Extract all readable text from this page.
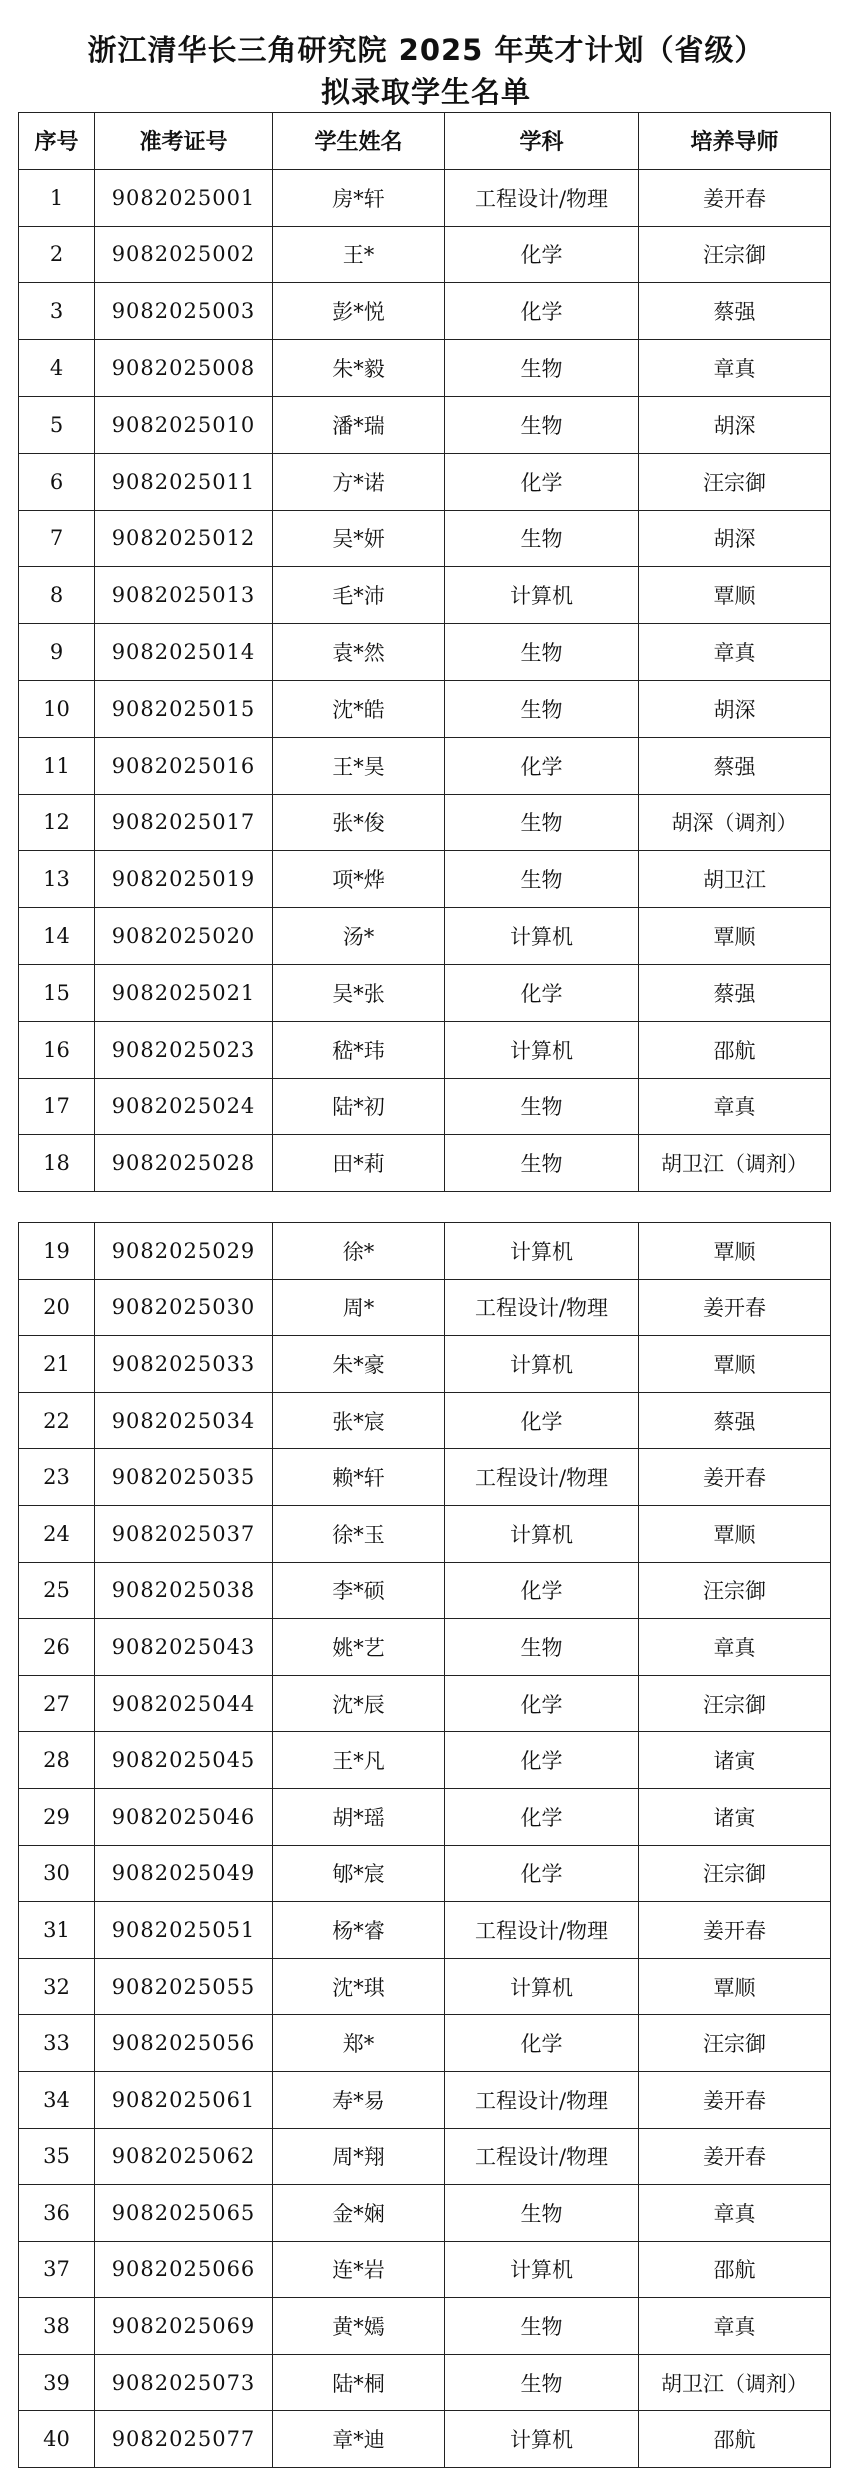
浙江清华长三角研究院 2025 年英才计划（省级）
拟录取学生名单
序号	准考证号	学生姓名	学科	培养导师
1	9082025001	房*轩	工程设计/物理	姜开春
2	9082025002	王*	化学	汪宗御
3	9082025003	彭*悦	化学	蔡强
4	9082025008	朱*毅	生物	章真
5	9082025010	潘*瑞	生物	胡深
6	9082025011	方*诺	化学	汪宗御
7	9082025012	吴*妍	生物	胡深
8	9082025013	毛*沛	计算机	覃顺
9	9082025014	袁*然	生物	章真
10	9082025015	沈*皓	生物	胡深
11	9082025016	王*昊	化学	蔡强
12	9082025017	张*俊	生物	胡深（调剂）
13	9082025019	项*烨	生物	胡卫江
14	9082025020	汤*	计算机	覃顺
15	9082025021	吴*张	化学	蔡强
16	9082025023	嵇*玮	计算机	邵航
17	9082025024	陆*初	生物	章真
18	9082025028	田*莉	生物	胡卫江（调剂）
19	9082025029	徐*	计算机	覃顺
20	9082025030	周*	工程设计/物理	姜开春
21	9082025033	朱*豪	计算机	覃顺
22	9082025034	张*宸	化学	蔡强
23	9082025035	赖*轩	工程设计/物理	姜开春
24	9082025037	徐*玉	计算机	覃顺
25	9082025038	李*硕	化学	汪宗御
26	9082025043	姚*艺	生物	章真
27	9082025044	沈*辰	化学	汪宗御
28	9082025045	王*凡	化学	诸寅
29	9082025046	胡*瑶	化学	诸寅
30	9082025049	郇*宸	化学	汪宗御
31	9082025051	杨*睿	工程设计/物理	姜开春
32	9082025055	沈*琪	计算机	覃顺
33	9082025056	郑*	化学	汪宗御
34	9082025061	寿*易	工程设计/物理	姜开春
35	9082025062	周*翔	工程设计/物理	姜开春
36	9082025065	金*娴	生物	章真
37	9082025066	连*岩	计算机	邵航
38	9082025069	黄*嫣	生物	章真
39	9082025073	陆*桐	生物	胡卫江（调剂）
40	9082025077	章*迪	计算机	邵航
